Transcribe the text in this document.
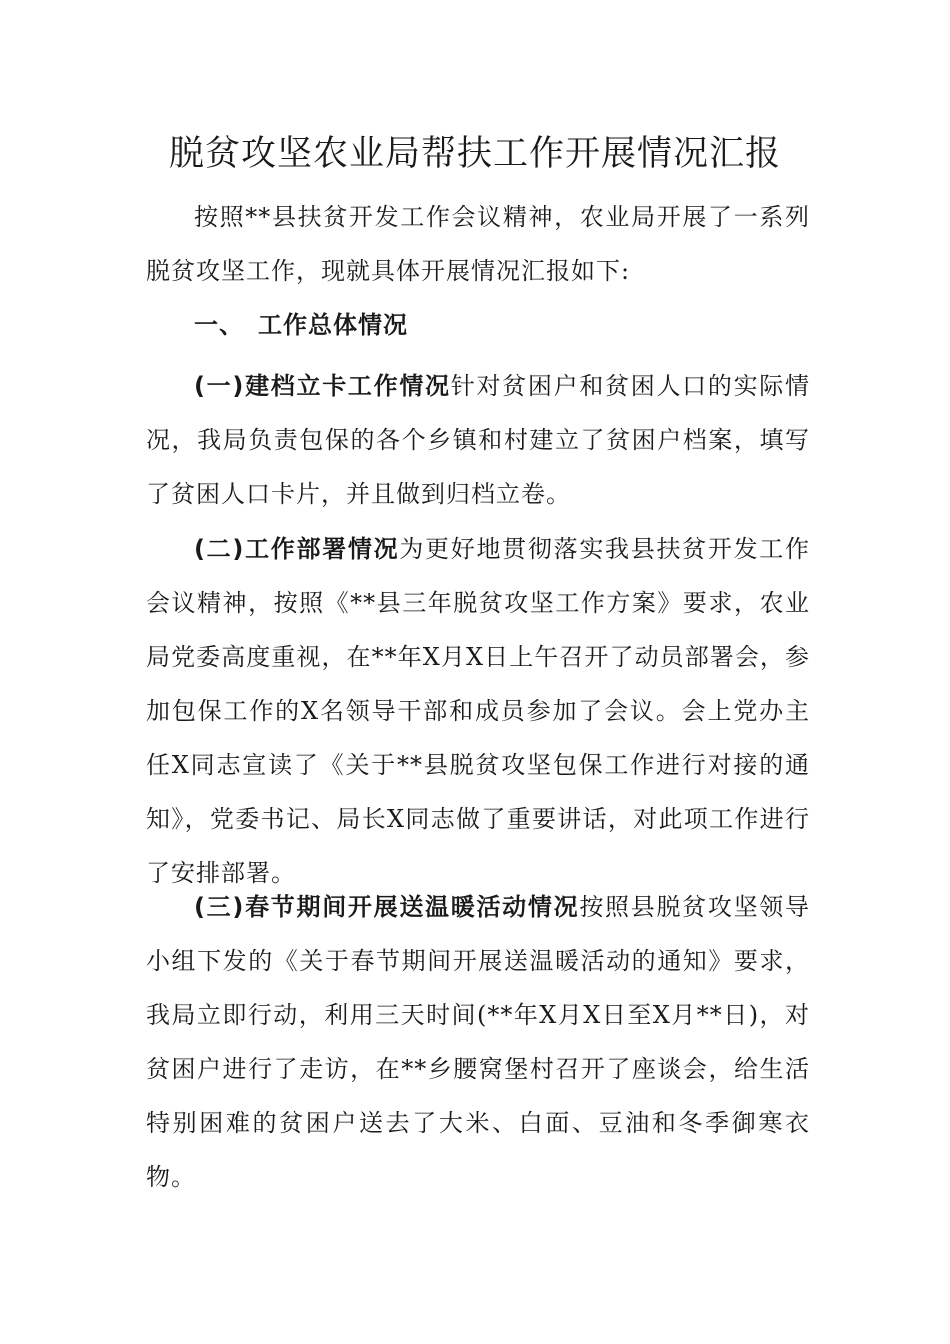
脱贫攻坚农业局帮扶工作开展情况汇报

按照**县扶贫开发工作会议精神，农业局开展了一系列脱贫攻坚工作，现就具体开展情况汇报如下:

一、 工作总体情况

(一)建档立卡工作情况针对贫困户和贫困人口的实际情况，我局负责包保的各个乡镇和村建立了贫困户档案，填写了贫困人口卡片，并且做到归档立卷。

(二)工作部署情况为更好地贯彻落实我县扶贫开发工作会议精神，按照《**县三年脱贫攻坚工作方案》要求，农业局党委高度重视，在**年X月X日上午召开了动员部署会，参加包保工作的X名领导干部和成员参加了会议。会上党办主任X同志宣读了《关于**县脱贫攻坚包保工作进行对接的通知》，党委书记、局长X同志做了重要讲话，对此项工作进行了安排部署。

(三)春节期间开展送温暖活动情况按照县脱贫攻坚领导小组下发的《关于春节期间开展送温暖活动的通知》要求，我局立即行动，利用三天时间(**年X月X日至X月**日)，对贫困户进行了走访，在**乡腰窝堡村召开了座谈会，给生活特别困难的贫困户送去了大米、白面、豆油和冬季御寒衣物。
